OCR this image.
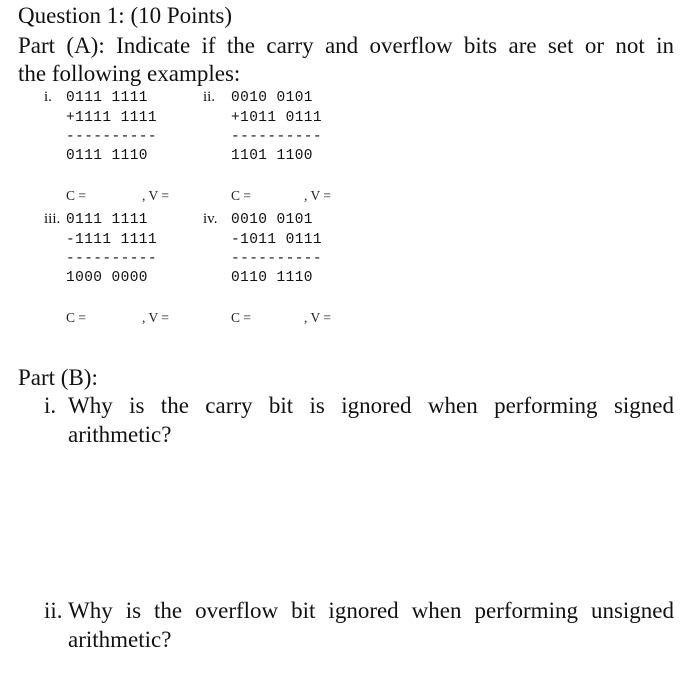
Question 1: (10 Points)
Part (A): Indicate if the carry and overflow bits are set or not in
the following examples:
i. 0111 1111
+1111 1111
----------
0111 1110
C =	, V =
ii. 0010 0101
+1011 0111
----------
1101 1100
C =	, V =
iii. 0111 1111
-1111 1111
----------
1000 0000
C =	, V =
iv. 0010 0101
-1011 0111
----------
0110 1110
C =	, V =
Part (B):
i. Why is the carry bit is ignored when performing signed
arithmetic?
ii. Why is the overflow bit ignored when performing unsigned
arithmetic?
